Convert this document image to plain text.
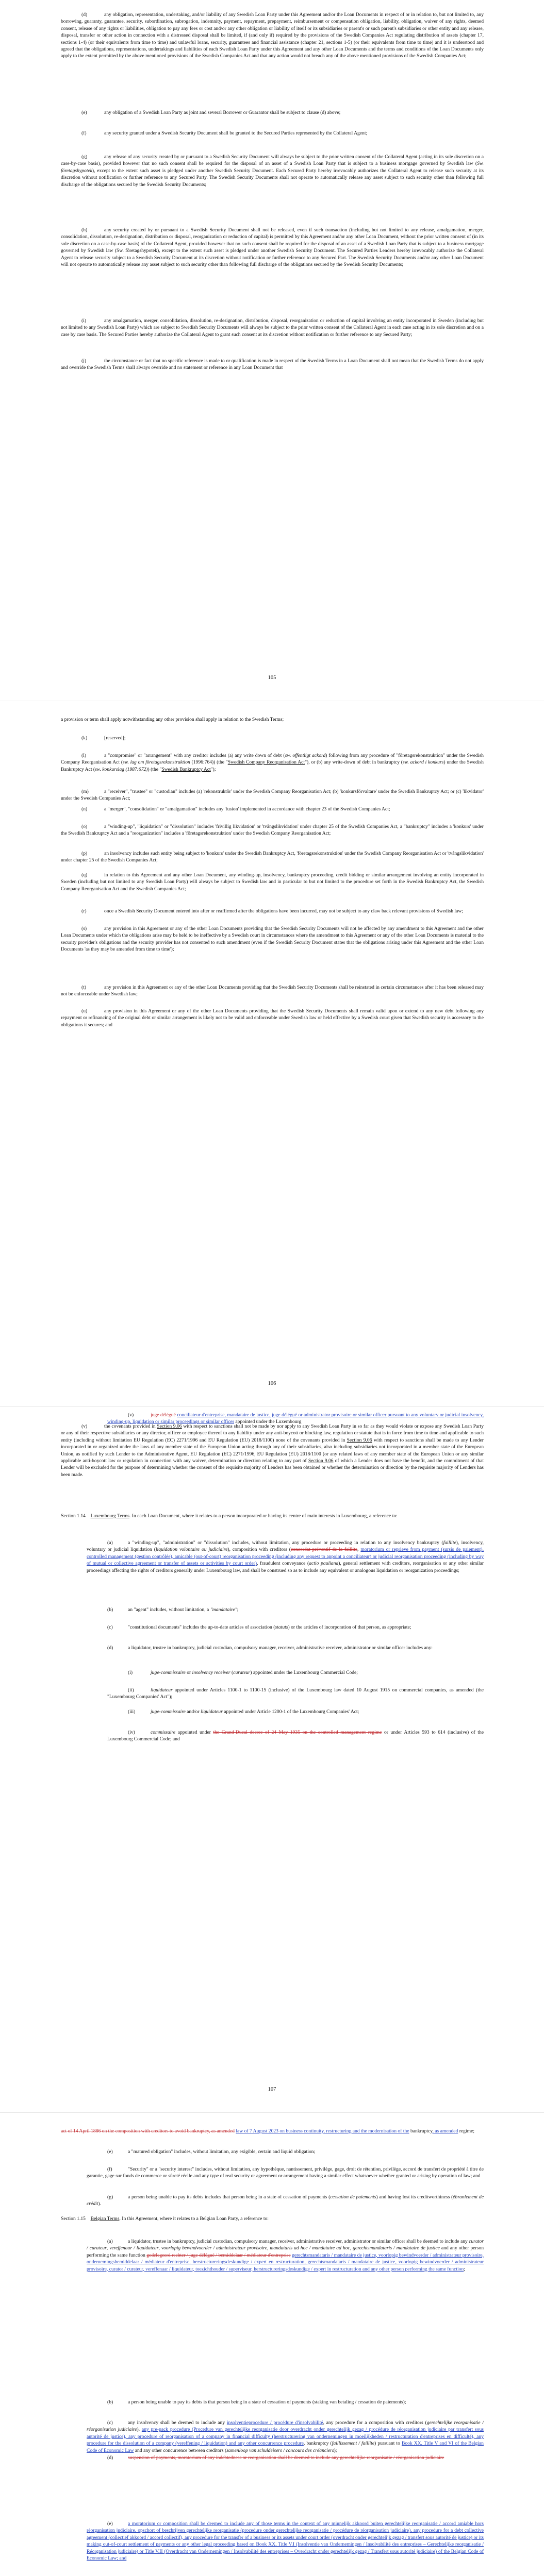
(d)	any obligation, representation, undertaking, and/or liability of any Swedish Loan Party under this Agreement and/or the Loan Documents in respect of or in relation to, but not limited to, any borrowing, guaranty, guarantee, security, subordination, subrogation, indemnity, payment, repayment, prepayment, reimbursement or compensation obligation, liability, obligation, waiver of any rights, deemed consent, release of any rights or liabilities, obligation to pay any fees or cost and/or any other obligation or liability of itself or its subsidiaries or parent's or such parent's subsidiaries or other entity and any release, disposal, transfer or other action in connection with a distressed disposal shall be limited, if (and only if) required by the provisions of the Swedish Companies Act regulating distribution of assets (chapter 17, sections 1-4) (or their equivalents from time to time) and unlawful loans, security, guarantees and financial assistance (chapter 21, sections 1-5) (or their equivalents from time to time) and it is understood and agreed that the obligations, representations, undertakings and liabilities of each Swedish Loan Party under this Agreement and any other Loan Documents and the terms and conditions of the Loan Documents only apply to the extent permitted by the above mentioned provisions of the Swedish Companies Act and that any action would not breach any of the above mentioned provisions of the Swedish Companies Act;

(e)	any obligation of a Swedish Loan Party as joint and several Borrower or Guarantor shall be subject to clause (d) above;

(f)	any security granted under a Swedish Security Document shall be granted to the Secured Parties represented by the Collateral Agent;

(g)	any release of any security created by or pursuant to a Swedish Security Document will always be subject to the prior written consent of the Collateral Agent (acting in its sole discretion on a case-by-case basis), provided however that no such consent shall be required for the disposal of an asset of a Swedish Loan Party that is subject to a business mortgage governed by Swedish law (Sw. företagshypotek), except to the extent such asset is pledged under another Swedish Security Document. Each Secured Party hereby irrevocably authorizes the Collateral Agent to release such security at its discretion without notification or further reference to any Secured Party. The Swedish Security Documents shall not operate to automatically release any asset subject to such security other than following full discharge of the obligations secured by the Swedish Security Documents;

(h)	any security created by or pursuant to a Swedish Security Document shall not be released, even if such transaction (including but not limited to any release, amalgamation, merger, consolidation, dissolution, re-designation, distribution or disposal, reorganization or reduction of capital) is permitted by this Agreement and/or any other Loan Document, without the prior written consent of (in its sole discretion on a case-by-case basis) of the Collateral Agent, provided however that no such consent shall be required for the disposal of an asset of a Swedish Loan Party that is subject to a business mortgage governed by Swedish law (Sw. företagshypotek), except to the extent such asset is pledged under another Swedish Security Document. The Secured Parties Lenders hereby irrevocably authorize the Collateral Agent to release security subject to a Swedish Security Document at its discretion without notification or further reference to any Secured Part. The Swedish Security Documents and/or any other Loan Document will not operate to automatically release any asset subject to such security other than following full discharge of the obligations secured by the Swedish Security Documents;

(i)	any amalgamation, merger, consolidation, dissolution, re-designation, distribution, disposal, reorganization or reduction of capital involving an entity incorporated in Sweden (including but not limited to any Swedish Loan Party) which are subject to Swedish Security Documents will always be subject to the prior written consent of the Collateral Agent in each case acting in its sole discretion and on a case by case basis. The Secured Parties hereby authorize the Collateral Agent to grant such consent at its discretion without notification or further reference to any Secured Party;

(j)	the circumstance or fact that no specific reference is made to or qualification is made in respect of the Swedish Terms in a Loan Document shall not mean that the Swedish Terms do not apply and override the Swedish Terms shall always override and no statement or reference in any Loan Document that

105

a provision or term shall apply notwithstanding any other provision shall apply in relation to the Swedish Terms;

(k)	[reserved];

(l)	a "compromise" or "arrangement" with any creditor includes (a) any write down of debt (sw. offentligt ackord) following from any procedure of "företagsrekonstruktion" under the Swedish Company Reorganisation Act (sw. lag om företagsrekonstruktion (1996:764)) (the "Swedish Company Reorganisation Act"), or (b) any write-down of debt in bankruptcy (sw. ackord i konkurs) under the Swedish Bankruptcy Act (sw. konkurslag (1987:672)) (the "Swedish Bankruptcy Act");

(m)	a "receiver", "trustee" or "custodian" includes (a) 'rekonstruktör' under the Swedish Company Reorganisation Act; (b) 'konkursförvaltare' under the Swedish Bankruptcy Act; or (c) 'likvidator' under the Swedish Companies Act;

(n)	a "merger", "consolidation" or "amalgamation" includes any 'fusion' implemented in accordance with chapter 23 of the Swedish Companies Act;

(o)	a "winding-up", "liquidation" or "dissolution" includes 'frivillig likvidation' or 'tvångslikvidation' under chapter 25 of the Swedish Companies Act, a "bankruptcy" includes a 'konkurs' under the Swedish Bankruptcy Act and a "reorganization" includes a 'företagsrekonstruktion' under the Swedish Company Reorganisation Act;

(p)	an insolvency includes such entity being subject to 'konkurs' under the Swedish Bankruptcy Act, 'företagsrekonstruktion' under the Swedish Company Reorganisation Act or 'tvångslikvidation' under chapter 25 of the Swedish Companies Act;

(q)	in relation to this Agreement and any other Loan Document, any winding-up, insolvency, bankruptcy proceeding, credit bidding or similar arrangement involving an entity incorporated in Sweden (including but not limited to any Swedish Loan Party) will always be subject to Swedish law and in particular to but not limited to the procedure set forth in the Swedish Bankruptcy Act, the Swedish Company Reorganisation Act and the Swedish Companies Act;

(r)	once a Swedish Security Document entered into after or reaffirmed after the obligations have been incurred, may not be subject to any claw back relevant provisions of Swedish law;

(s)	any provision in this Agreement or any of the other Loan Documents providing that the Swedish Security Documents will not be affected by any amendment to this Agreement and the other Loan Documents under which the obligations arise may be held to be ineffective by a Swedish court in circumstances where the amendment to this Agreement or any of the other Loan Documents is material to the security provider's obligations and the security provider has not consented to such amendment (even if the Swedish Security Document states that the obligations arising under this Agreement and the other Loan Documents 'as they may be amended from time to time');

(t)	any provision in this Agreement or any of the other Loan Documents providing that the Swedish Security Documents shall be reinstated in certain circumstances after it has been released may not be enforceable under Swedish law;

(u)	any provision in this Agreement or any of the other Loan Documents providing that the Swedish Security Documents shall remain valid upon or extend to any new debt following any repayment or refinancing of the original debt or similar arrangement is likely not to be valid and enforceable under Swedish law or held effective by a Swedish court given that Swedish security is accessory to the obligations it secures; and

106

(v)	the covenants provided in Section 9.06 with respect to sanctions shall not be made by nor apply to any Swedish Loan Party in so far as they would violate or expose any Swedish Loan Party or any of their respective subsidiaries or any director, officer or employee thereof to any liability under any anti-boycott or blocking law, regulation or statute that is in force from time to time and applicable to such entity (including without limitation EU Regulation (EC) 2271/1996 and EU Regulation (EU) 2018/1100) none of the covenants provided in Section 9.06 with respect to sanctions shall be made to any Lender incorporated in or organized under the laws of any member state of the European Union acting through any of their subsidiaries, also including subsidiaries not incorporated in a member state of the European Union, as notified by such Lender to the Administrative Agent, EU Regulation (EC) 2271/1996, EU Regulation (EU) 2018/1100 (or any related laws of any member state of the European Union or any similar applicable anti-boycott law or regulation in connection with any waiver, determination or direction relating to any part of Section 9.06 of which a Lender does not have the benefit, and the commitment of that Lender will be excluded for the purpose of determining whether the consent of the requisite majority of Lenders has been obtained or whether the determination or direction by the requisite majority of Lenders has been made.

Section 1.14 Luxembourg Terms. In each Loan Document, where it relates to a person incorporated or having its centre of main interests in Luxembourg, a reference to:

(a)	a "winding-up", "administration" or "dissolution" includes, without limitation, any procedure or proceeding in relation to any insolvency bankruptcy (faillite), insolvency, voluntary or judicial liquidation (liquidation volontaire ou judiciaire), composition with creditors (concordat préventif de la faillite, moratorium or reprieve from payment (sursis de paiement), controlled management (gestion contrôlée), amicable (out-of-court) reorganisation proceeding (including any request to appoint a conciliateur) or judicial reorganisation proceeding (including by way of mutual or collective agreement or transfer of assets or activities by court order), fraudulent conveyance (actio pauliana), general settlement with creditors, reorganisation or any other similar proceedings affecting the rights of creditors generally under Luxembourg law, and shall be construed so as to include any equivalent or analogous liquidation or reorganization proceedings;

(b)	an "agent" includes, without limitation, a "mandataire";

(c)	"constitutional documents" includes the up-to-date articles of association (statuts) or the articles of incorporation of that person, as appropriate;

(d)	a liquidator, trustee in bankruptcy, judicial custodian, compulsory manager, receiver, administrative receiver, administrator or similar officer includes any:

(i)	juge-commissaire or insolvency receiver (curateur) appointed under the Luxembourg Commercial Code;

(ii)	liquidateur appointed under Articles 1100-1 to 1100-15 (inclusive) of the Luxembourg law dated 10 August 1915 on commercial companies, as amended (the "Luxembourg Companies' Act");

(iii)	juge-commissaire and/or liquidateur appointed under Article 1200-1 of the Luxembourg Companies' Act;

(iv)	commissaire appointed under the Grand-Ducal decree of 24 May 1935 on the controlled management regime or under Articles 593 to 614 (inclusive) of the Luxembourg Commercial Code; and

(v)	juge délégué conciliateur d'entreprise, mandataire de justice, juge délégué or administrator provisoire or similar officer pursuant to any voluntary or judicial insolvency, winding-up, liquidation or similar proceedings or similar officer appointed under the Luxembourg

107

act of 14 April 1886 on the composition with creditors to avoid bankruptcy, as amended law of 7 August 2023 on business continuity, restructuring and the modernisation of the bankruptcy, as amended regime;

(e)	a "matured obligation" includes, without limitation, any exigible, certain and liquid obligation;

(f)	"Security" or a "security interest" includes, without limitation, any hypothèque, nantissement, privilège, gage, droit de rétention, privilège, accord de transfert de propriété à titre de garantie, gage sur fonds de commerce or sûreté réelle and any type of real security or agreement or arrangement having a similar effect whatsoever whether granted or arising by operation of law; and

(g)	a person being unable to pay its debts includes that person being in a state of cessation of payments (cessation de paiements) and having lost its creditworthiness (ébranlement de crédit).

Section 1.15 Belgian Terms. In this Agreement, where it relates to a Belgian Loan Party, a reference to:

(a)	a liquidator, trustee in bankruptcy, judicial custodian, compulsory manager, receiver, administrative receiver, administrator or similar officer shall be deemed to include any curator / curateur, vereffenaar / liquidateur, voorlopig bewindvoerder / administrateur provisoire, mandataris ad hoc / mandataire ad hoc, gerechtsmandataris / mandataire de justice and any other person performing the same function gedelegeerd rechter / juge délégué / bemiddelaar / médiateur d'entreprise gerechtsmandataris / mandataire de justice, voorlopig bewindvoerder / administrateur provisoire, ondernemingsbemiddelaar / médiateur d'entreprise, herstructureringsdeskundige / expert en restructuration, gerechtsmandataris / mandataire de justice, voorlopig bewindvoerder / administrateur provisoire, curator / curateur, vereffenaar / liquidateur, toezichthouder / superviseur, herstructureringsdeskundige / expert in restructuration and any other person performing the same function;

(b)	a person being unable to pay its debts is that person being in a state of cessation of payments (staking van betaling / cessation de paiements);

(c)	any insolvency shall be deemed to include any insolventieprocedure / procédure d'insolvabilité, any procedure for a composition with creditors (gerechtelijke reorganisatie / réorganisation judiciaire), any pre-pack procedure (Procedure van gerechtelijke reorganisatie door overdracht onder gerechtelijk gezag / procédure de réorganisation judiciaire par transfert sous autorité de justice), any procedure of reorganisation of a company in financial difficulty (herstructurering van ondernemingen in moeilijkheden / restructuration d'entreprises en difficulté), any procedure for the dissolution of a company (vereffening / liquidation) and any other concurrence procedure, bankruptcy (faillissement / faillite) pursuant to Book XX, Title V and VI of the Belgian Code of Economic Law and any other concurrence between creditors (samenloop van schuldeisers / concours des créanciers);

(d)	suspension of payments, moratorium of any indebtedness or reorganisation shall be deemed to include any gerechtelijke reorganisatie / réorganisation judiciaire

(e)	a moratorium or composition shall be deemed to include any of those terms in the context of any minnelijk akkoord buiten gerechtelijke reorganisatie / accord amiable hors réorganisation judiciaire, opschort of beschrijven gerechtelijke reorganisatie (procedure onder gerechtelijke reorganisatie / procédure de réorganisation judiciaire), any procedure for a debt collective agreement (collectief akkoord / accord collectif), any procedure for the transfer of a business or its assets under court order (overdracht onder gerechtelijk gezag / transfert sous autorité de justice) or its making out-of-court settlement of payments or any other legal proceeding based on Book XX, Title V.I (Insolventie van Ondernemingen / Insolvabilité des entreprises – Gerechtelijke reorganisatie / Réorganisation judiciaire) or Title V.II (Overdracht van Ondernemingen / Insolvabilité des entreprises – Overdracht onder gerechtelijk gezag / Transfert sous autorité judiciaire) of the Belgian Code of Economic Law; and
